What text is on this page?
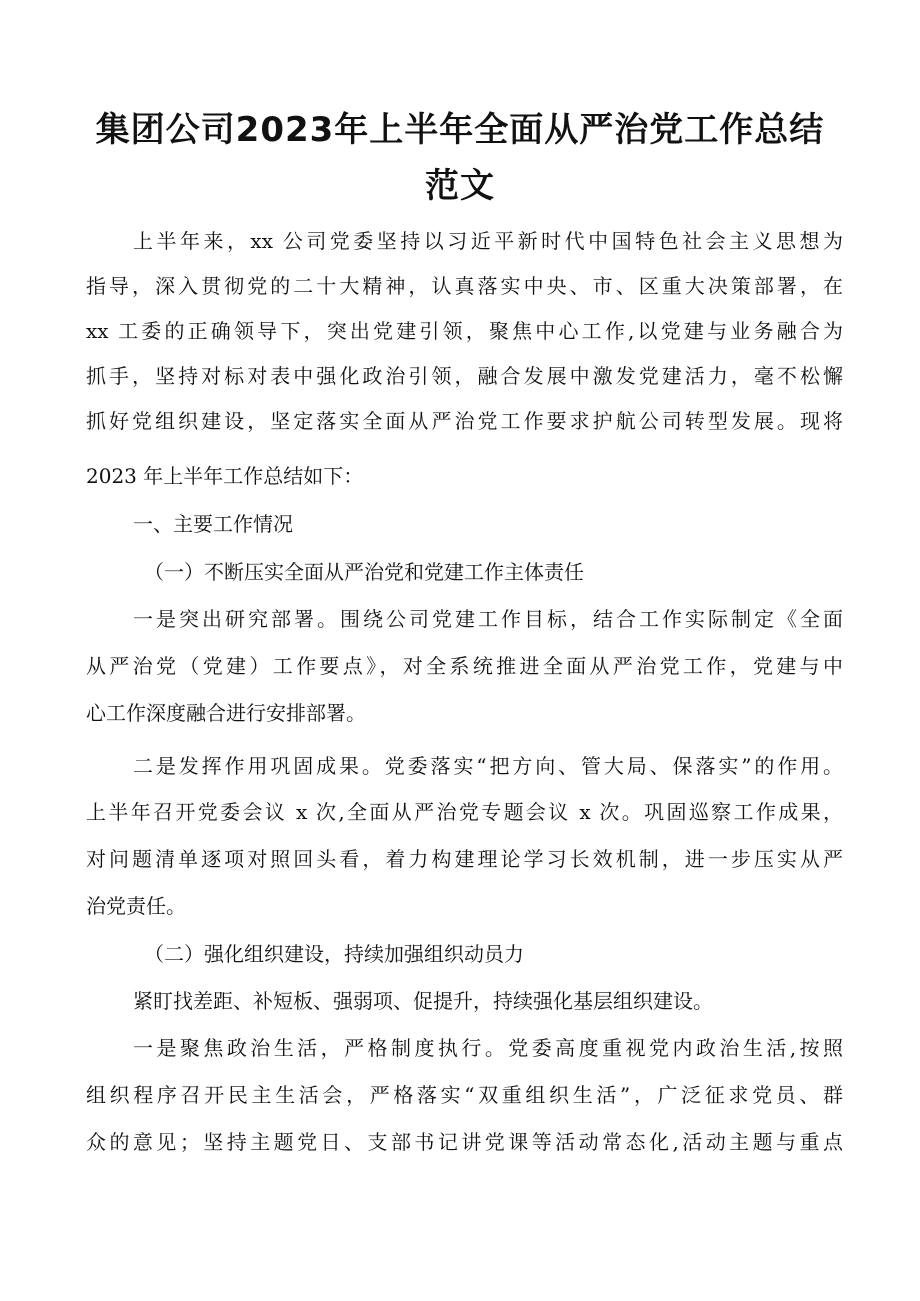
集团公司2023年上半年全面从严治党工作总结范文

上半年来，xx 公司党委坚持以习近平新时代中国特色社会主义思想为

指导，深入贯彻党的二十大精神，认真落实中央、市、区重大决策部署，在

xx 工委的正确领导下，突出党建引领，聚焦中心工作,以党建与业务融合为

抓手，坚持对标对表中强化政治引领，融合发展中激发党建活力，毫不松懈

抓好党组织建设，坚定落实全面从严治党工作要求护航公司转型发展。现将

2023 年上半年工作总结如下：

一、主要工作情况

（一）不断压实全面从严治党和党建工作主体责任

一是突出研究部署。围绕公司党建工作目标，结合工作实际制定《全面

从严治党（党建）工作要点》，对全系统推进全面从严治党工作，党建与中

心工作深度融合进行安排部署。

二是发挥作用巩固成果。党委落实“把方向、管大局、保落实”的作用。

上半年召开党委会议 x 次,全面从严治党专题会议 x 次。巩固巡察工作成果，

对问题清单逐项对照回头看，着力构建理论学习长效机制，进一步压实从严

治党责任。

（二）强化组织建设，持续加强组织动员力

紧盯找差距、补短板、强弱项、促提升，持续强化基层组织建设。

一是聚焦政治生活，严格制度执行。党委高度重视党内政治生活,按照

组织程序召开民主生活会，严格落实“双重组织生活”，广泛征求党员、群

众的意见；坚持主题党日、支部书记讲党课等活动常态化,活动主题与重点
